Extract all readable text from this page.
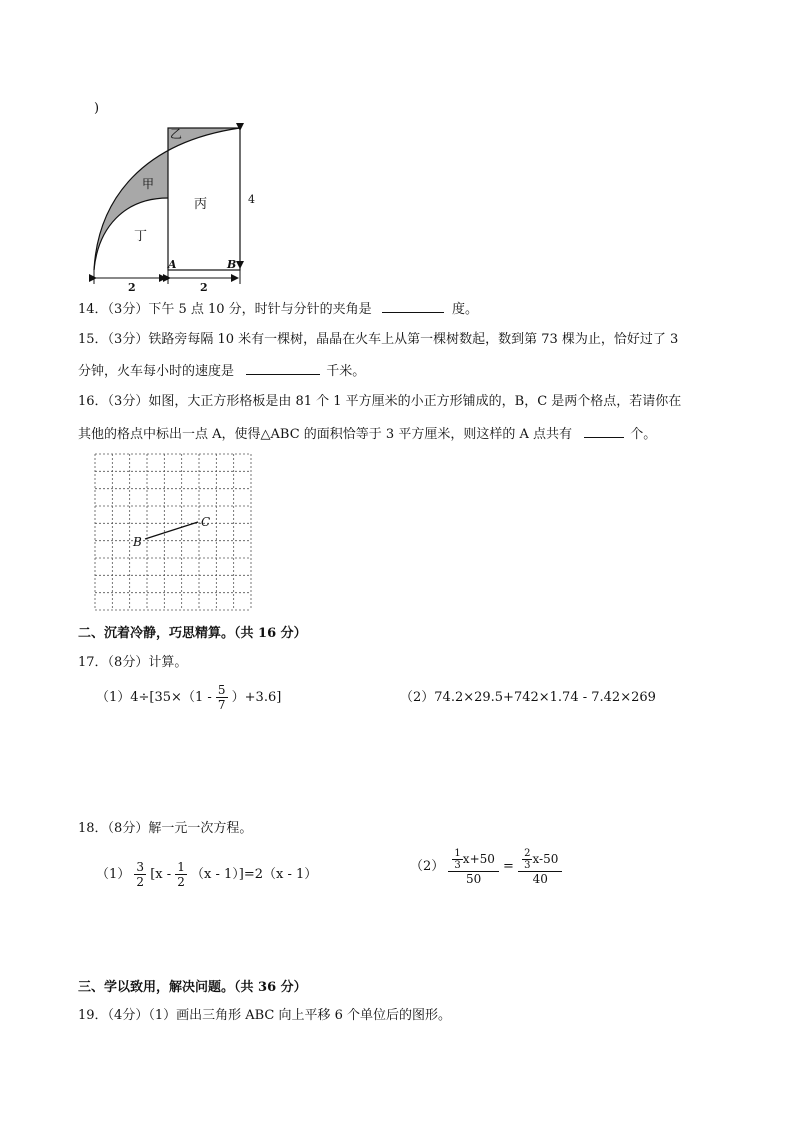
)
乙
甲
丙
丁
A	B
2	2
4
14．（3分）下午 5 点 10 分，时针与分针的夹角是	度。
15．（3分）铁路旁每隔 10 米有一棵树，晶晶在火车上从第一棵树数起，数到第 73 棵为止，恰好过了 3
分钟，火车每小时的速度是	千米。
16．（3分）如图，大正方形格板是由 81 个 1 平方厘米的小正方形铺成的，B，C 是两个格点，若请你在
其他的格点中标出一点 A，使得△ABC 的面积恰等于 3 平方厘米，则这样的 A 点共有	个。
B
C
二、沉着冷静，巧思精算。（共 16 分）
17．（8分）计算。
$(1)4\div[35\times(1 - \frac{5}{7} )+3.6]$	（2）74.2×29.5+742×1.74 - 7.42×269
18．（8分）解一元一次方程。
$(1) \frac{3}{2} [x - \frac{1}{2} (x - 1)]=2(x - 1)$
$(2) \frac{\frac{1}{3} x+50}{50} = \frac{\frac{2}{3} x-50}{40}$
三、学以致用，解决问题。（共 36 分）
19．（4分）（1）画出三角形 ABC 向上平移 6 个单位后的图形。
